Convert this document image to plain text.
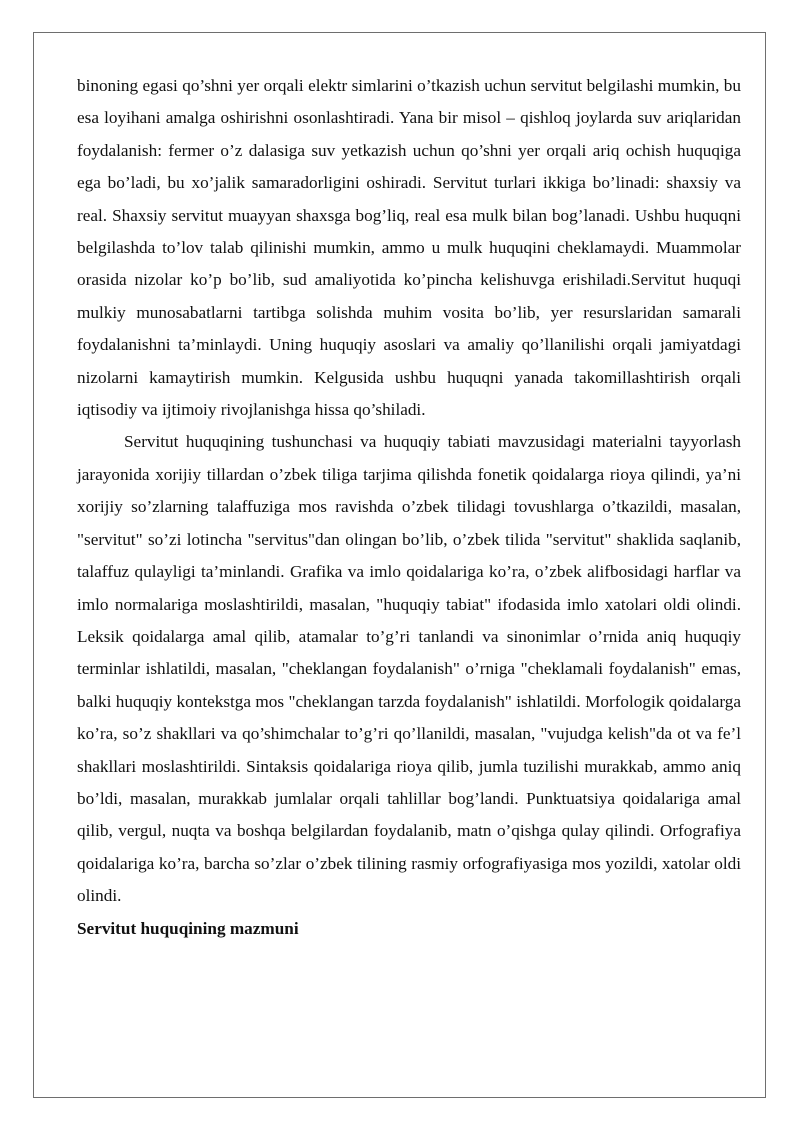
binoning egasi qo’shni yer orqali elektr simlarini o’tkazish uchun servitut belgilashi mumkin, bu esa loyihani amalga oshirishni osonlashtiradi. Yana bir misol – qishloq joylarda suv ariqlaridan foydalanish: fermer o’z dalasiga suv yetkazish uchun qo’shni yer orqali ariq ochish huquqiga ega bo’ladi, bu xo’jalik samaradorligini oshiradi. Servitut turlari ikkiga bo’linadi: shaxsiy va real. Shaxsiy servitut muayyan shaxsga bog’liq, real esa mulk bilan bog’lanadi. Ushbu huquqni belgilashda to’lov talab qilinishi mumkin, ammo u mulk huquqini cheklamaydi. Muammolar orasida nizolar ko’p bo’lib, sud amaliyotida ko’pincha kelishuvga erishiladi.Servitut huquqi mulkiy munosabatlarni tartibga solishda muhim vosita bo’lib, yer resurslaridan samarali foydalanishni ta’minlaydi. Uning huquqiy asoslari va amaliy qo’llanilishi orqali jamiyatdagi nizolarni kamaytirish mumkin. Kelgusida ushbu huquqni yanada takomillashtirish orqali iqtisodiy va ijtimoiy rivojlanishga hissa qo’shiladi.

Servitut huquqining tushunchasi va huquqiy tabiati mavzusidagi materialni tayyorlash jarayonida xorijiy tillardan o’zbek tiliga tarjima qilishda fonetik qoidalarga rioya qilindi, ya’ni xorijiy so’zlarning talaffuziga mos ravishda o’zbek tilidagi tovushlarga o’tkazildi, masalan, "servitut" so’zi lotincha "servitus"dan olingan bo’lib, o’zbek tilida "servitut" shaklida saqlanib, talaffuz qulayligi ta’minlandi. Grafika va imlo qoidalariga ko’ra, o’zbek alifbosidagi harflar va imlo normalariga moslashtirildi, masalan, "huquqiy tabiat" ifodasida imlo xatolari oldi olindi. Leksik qoidalarga amal qilib, atamalar to’g’ri tanlandi va sinonimlar o’rnida aniq huquqiy terminlar ishlatildi, masalan, "cheklangan foydalanish" o’rniga "cheklamali foydalanish" emas, balki huquqiy kontekstga mos "cheklangan tarzda foydalanish" ishlatildi. Morfologik qoidalarga ko’ra, so’z shakllari va qo’shimchalar to’g’ri qo’llanildi, masalan, "vujudga kelish"da ot va fe’l shakllari moslashtirildi. Sintaksis qoidalariga rioya qilib, jumla tuzilishi murakkab, ammo aniq bo’ldi, masalan, murakkab jumlalar orqali tahlillar bog’landi. Punktuatsiya qoidalariga amal qilib, vergul, nuqta va boshqa belgilardan foydalanib, matn o’qishga qulay qilindi. Orfografiya qoidalariga ko’ra, barcha so’zlar o’zbek tilining rasmiy orfografiyasiga mos yozildi, xatolar oldi olindi.

Servitut huquqining mazmuni
